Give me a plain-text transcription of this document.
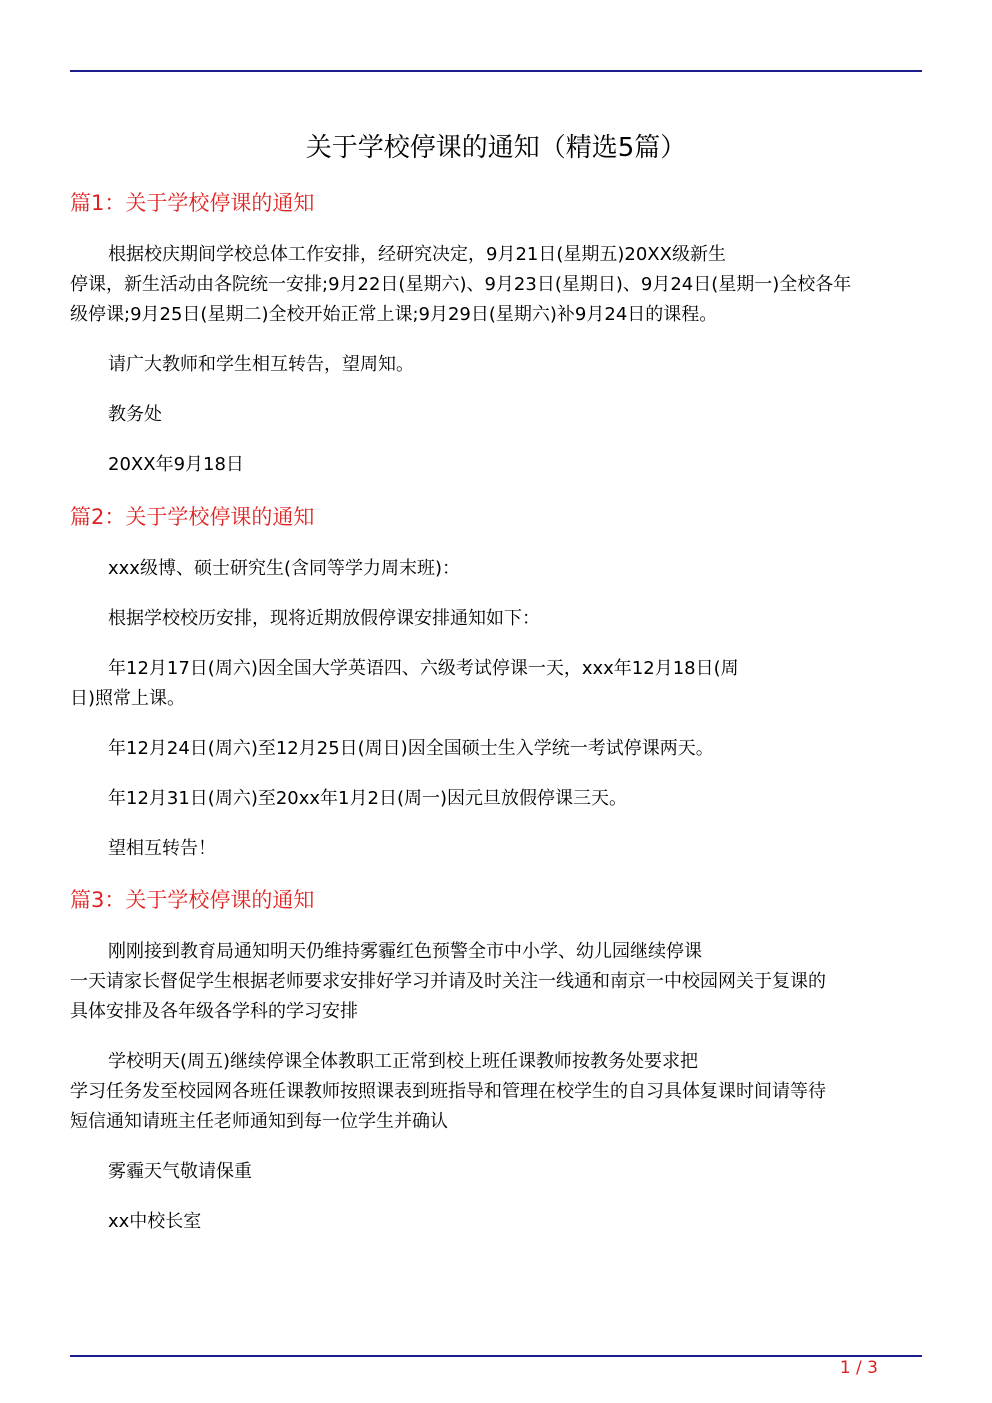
关于学校停课的通知（精选5篇）
篇1：关于学校停课的通知

根据校庆期间学校总体工作安排，经研究决定，9月21日(星期五)20XX级新生
停课，新生活动由各院统一安排;9月22日(星期六)、9月23日(星期日)、9月24日(星期一)全校各年
级停课;9月25日(星期二)全校开始正常上课;9月29日(星期六)补9月24日的课程。

请广大教师和学生相互转告，望周知。

教务处

20XX年9月18日

篇2：关于学校停课的通知

xxx级博、硕士研究生(含同等学力周末班)：

根据学校校历安排，现将近期放假停课安排通知如下：

年12月17日(周六)因全国大学英语四、六级考试停课一天，xxx年12月18日(周
日)照常上课。

年12月24日(周六)至12月25日(周日)因全国硕士生入学统一考试停课两天。

年12月31日(周六)至20xx年1月2日(周一)因元旦放假停课三天。

望相互转告！

篇3：关于学校停课的通知

刚刚接到教育局通知明天仍维持雾霾红色预警全市中小学、幼儿园继续停课
一天请家长督促学生根据老师要求安排好学习并请及时关注一线通和南京一中校园网关于复课的
具体安排及各年级各学科的学习安排

学校明天(周五)继续停课全体教职工正常到校上班任课教师按教务处要求把
学习任务发至校园网各班任课教师按照课表到班指导和管理在校学生的自习具体复课时间请等待
短信通知请班主任老师通知到每一位学生并确认

雾霾天气敬请保重

xx中校长室

1 / 3
